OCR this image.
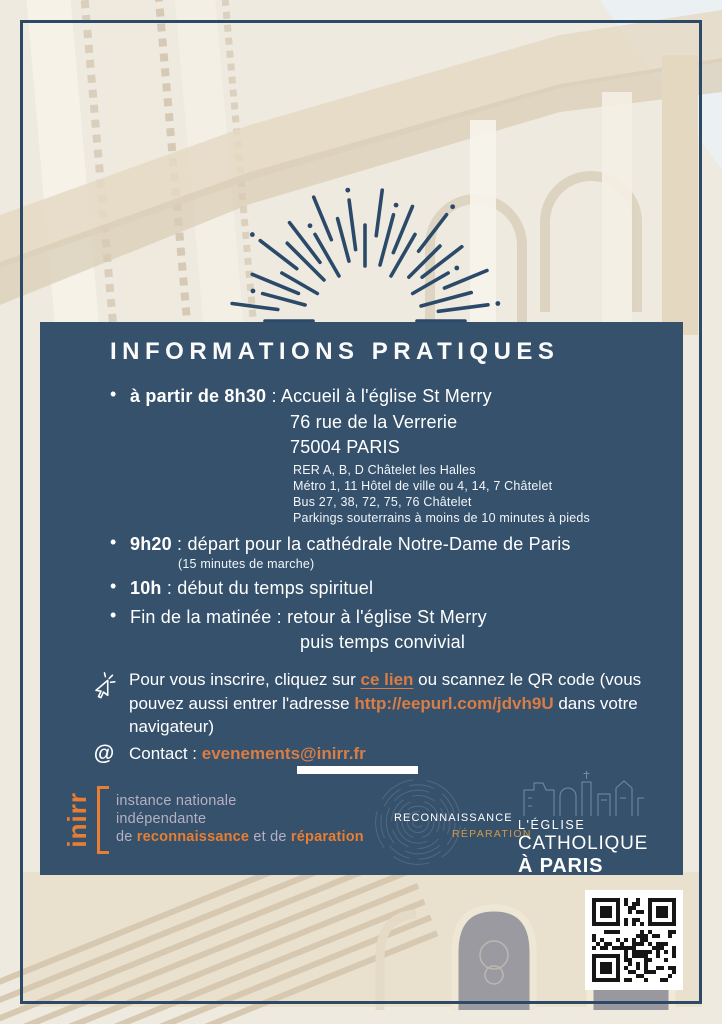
INFORMATIONS PRATIQUES
•
à partir de 8h30 : Accueil à l'église St Merry
76 rue de la Verrerie
75004 PARIS
RER A, B, D Châtelet les Halles
Métro 1, 11 Hôtel de ville ou 4, 14, 7 Châtelet
Bus 27, 38, 72, 75, 76 Châtelet
Parkings souterrains à moins de 10 minutes à pieds
•
9h20 : départ pour la cathédrale Notre-Dame de Paris
(15 minutes de marche)
•
10h : début du temps spirituel
•
Fin de la matinée : retour à l'église St Merry
puis temps convivial
Pour vous inscrire, cliquez sur ce lien ou scannez le QR code (vous pouvez aussi entrer l'adresse http://eepurl.com/jdvh9U dans votre navigateur)
@ Contact : evenements@inirr.fr
inirr instance nationale
indépendante
de reconnaissance et de réparation
RECONNAISSANCE
RÉPARATION
L'ÉGLISE
CATHOLIQUE
À PARIS
